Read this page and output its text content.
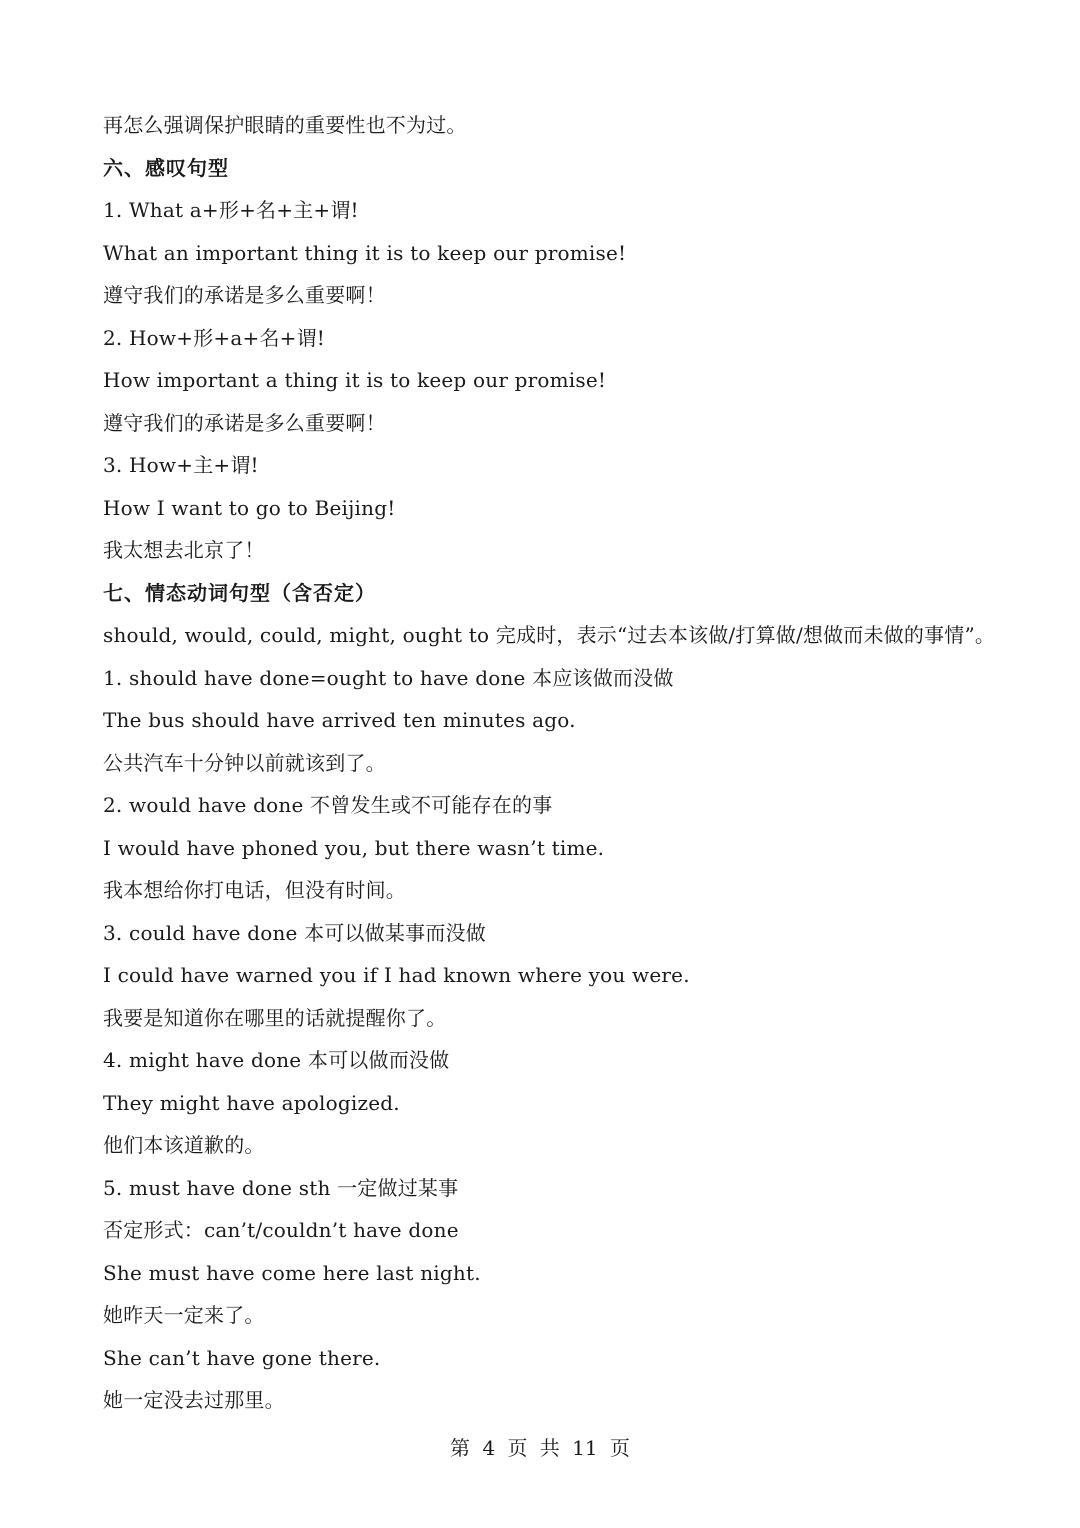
再怎么强调保护眼睛的重要性也不为过。
六、感叹句型
1. What a+形+名+主+谓!
What an important thing it is to keep our promise!
遵守我们的承诺是多么重要啊！
2. How+形+a+名+谓!
How important a thing it is to keep our promise!
遵守我们的承诺是多么重要啊！
3. How+主+谓!
How I want to go to Beijing!
我太想去北京了！
七、情态动词句型（含否定）
should, would, could, might, ought to 完成时，表示“过去本该做/打算做/想做而未做的事情”。
1. should have done=ought to have done 本应该做而没做
The bus should have arrived ten minutes ago.
公共汽车十分钟以前就该到了。
2. would have done 不曾发生或不可能存在的事
I would have phoned you, but there wasn’t time.
我本想给你打电话，但没有时间。
3. could have done 本可以做某事而没做
I could have warned you if I had known where you were.
我要是知道你在哪里的话就提醒你了。
4. might have done 本可以做而没做
They might have apologized.
他们本该道歉的。
5. must have done sth 一定做过某事
否定形式：can’t/couldn’t have done
She must have come here last night.
她昨天一定来了。
She can’t have gone there.
她一定没去过那里。
第 4 页 共 11 页
